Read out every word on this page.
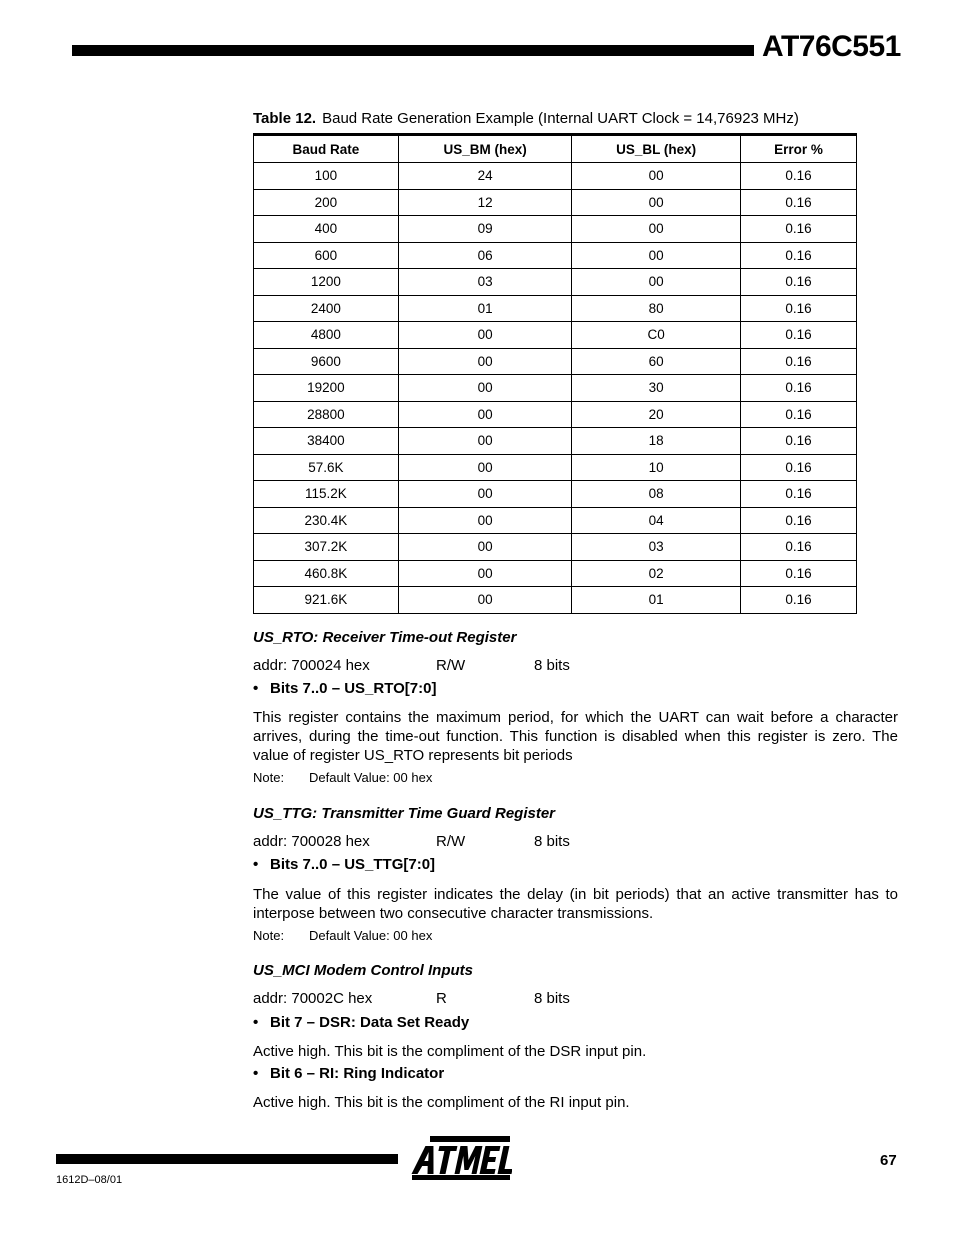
AT76C551
Table 12. Baud Rate Generation Example (Internal UART Clock = 14,76923 MHz)
Baud Rate	US_BM (hex)	US_BL (hex)	Error %
100	24	00	0.16
200	12	00	0.16
400	09	00	0.16
600	06	00	0.16
1200	03	00	0.16
2400	01	80	0.16
4800	00	C0	0.16
9600	00	60	0.16
19200	00	30	0.16
28800	00	20	0.16
38400	00	18	0.16
57.6K	00	10	0.16
115.2K	00	08	0.16
230.4K	00	04	0.16
307.2K	00	03	0.16
460.8K	00	02	0.16
921.6K	00	01	0.16
US_RTO: Receiver Time-out Register
addr: 700024 hex	R/W	8 bits
• Bits 7..0 – US_RTO[7:0]
This register contains the maximum period, for which the UART can wait before a character arrives, during the time-out function. This function is disabled when this register is zero. The value of register US_RTO represents bit periods
Note: Default Value: 00 hex
US_TTG: Transmitter Time Guard Register
addr: 700028 hex	R/W	8 bits
• Bits 7..0 – US_TTG[7:0]
The value of this register indicates the delay (in bit periods) that an active transmitter has to interpose between two consecutive character transmissions.
Note: Default Value: 00 hex
US_MCI Modem Control Inputs
addr: 70002C hex	R	8 bits
• Bit 7 – DSR: Data Set Ready
Active high. This bit is the compliment of the DSR input pin.
• Bit 6 – RI: Ring Indicator
Active high. This bit is the compliment of the RI input pin.
67
1612D–08/01
